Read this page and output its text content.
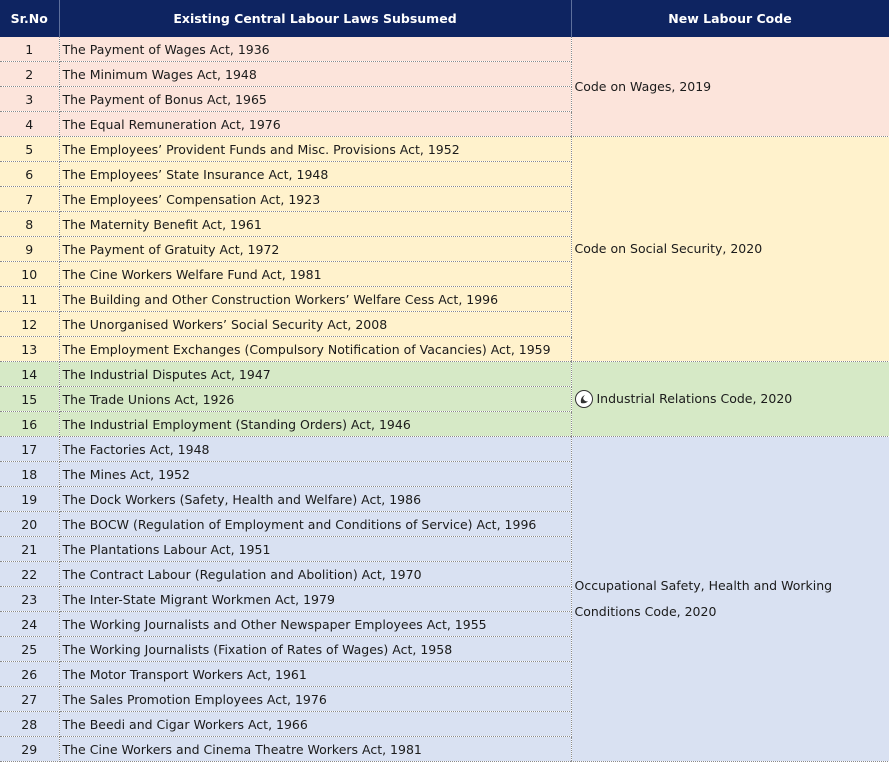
Sr.No	Existing Central Labour Laws Subsumed	New Labour Code
1	The Payment of Wages Act, 1936	Code on Wages, 2019
2	The Minimum Wages Act, 1948	
3	The Payment of Bonus Act, 1965	
4	The Equal Remuneration Act, 1976	
5	The Employees’ Provident Funds and Misc. Provisions Act, 1952	Code on Social Security, 2020
6	The Employees’ State Insurance Act, 1948	
7	The Employees’ Compensation Act, 1923	
8	The Maternity Benefit Act, 1961	
9	The Payment of Gratuity Act, 1972	
10	The Cine Workers Welfare Fund Act, 1981	
11	The Building and Other Construction Workers’ Welfare Cess Act, 1996	
12	The Unorganised Workers’ Social Security Act, 2008	
13	The Employment Exchanges (Compulsory Notification of Vacancies) Act, 1959	
14	The Industrial Disputes Act, 1947	Industrial Relations Code, 2020

15	The Trade Unions Act, 1926	
16	The Industrial Employment (Standing Orders) Act, 1946	
17	The Factories Act, 1948	Occupational Safety, Health and Working Conditions Code, 2020
18	The Mines Act, 1952	
19	The Dock Workers (Safety, Health and Welfare) Act, 1986	
20	The BOCW (Regulation of Employment and Conditions of Service) Act, 1996	
21	The Plantations Labour Act, 1951	
22	The Contract Labour (Regulation and Abolition) Act, 1970	
23	The Inter-State Migrant Workmen Act, 1979	
24	The Working Journalists and Other Newspaper Employees Act, 1955	
25	The Working Journalists (Fixation of Rates of Wages) Act, 1958	
26	The Motor Transport Workers Act, 1961	
27	The Sales Promotion Employees Act, 1976	
28	The Beedi and Cigar Workers Act, 1966	
29	The Cine Workers and Cinema Theatre Workers Act, 1981	
